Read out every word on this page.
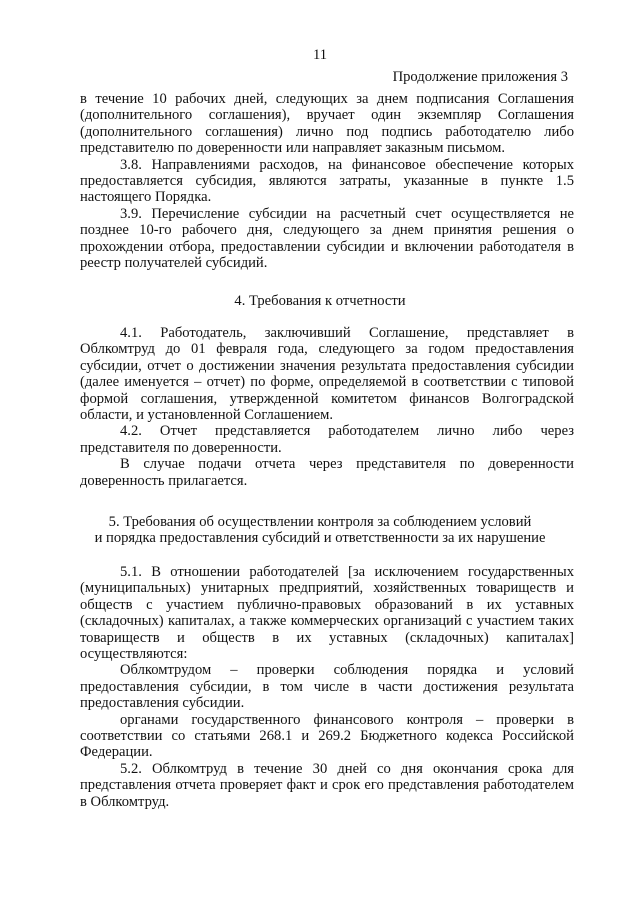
11
Продолжение приложения 3

в течение 10 рабочих дней, следующих за днем подписания Соглашения (дополнительного соглашения), вручает один экземпляр Соглашения (дополнительного соглашения) лично под подпись работодателю либо представителю по доверенности или направляет заказным письмом.

3.8. Направлениями расходов, на финансовое обеспечение которых предоставляется субсидия, являются затраты, указанные в пункте 1.5 настоящего Порядка.

3.9. Перечисление субсидии на расчетный счет осуществляется не позднее 10-го рабочего дня, следующего за днем принятия решения о прохождении отбора, предоставлении субсидии и включении работодателя в реестр получателей субсидий.

4. Требования к отчетности

4.1. Работодатель, заключивший Соглашение, представляет в Облкомтруд до 01 февраля года, следующего за годом предоставления субсидии, отчет о достижении значения результата предоставления субсидии (далее именуется – отчет) по форме, определяемой в соответствии с типовой формой соглашения, утвержденной комитетом финансов Волгоградской области, и установленной Соглашением.

4.2. Отчет представляется работодателем лично либо через представителя по доверенности.

В случае подачи отчета через представителя по доверенности доверенность прилагается.

5. Требования об осуществлении контроля за соблюдением условий
и порядка предоставления субсидий и ответственности за их нарушение

5.1. В отношении работодателей [за исключением государственных (муниципальных) унитарных предприятий, хозяйственных товариществ и обществ с участием публично-правовых образований в их уставных (складочных) капиталах, а также коммерческих организаций с участием таких товариществ и обществ в их уставных (складочных) капиталах] осуществляются:

Облкомтрудом – проверки соблюдения порядка и условий предоставления субсидии, в том числе в части достижения результата предоставления субсидии.

органами государственного финансового контроля – проверки в соответствии со статьями 268.1 и 269.2 Бюджетного кодекса Российской Федерации.

5.2. Облкомтруд в течение 30 дней со дня окончания срока для представления отчета проверяет факт и срок его представления работодателем в Облкомтруд.
